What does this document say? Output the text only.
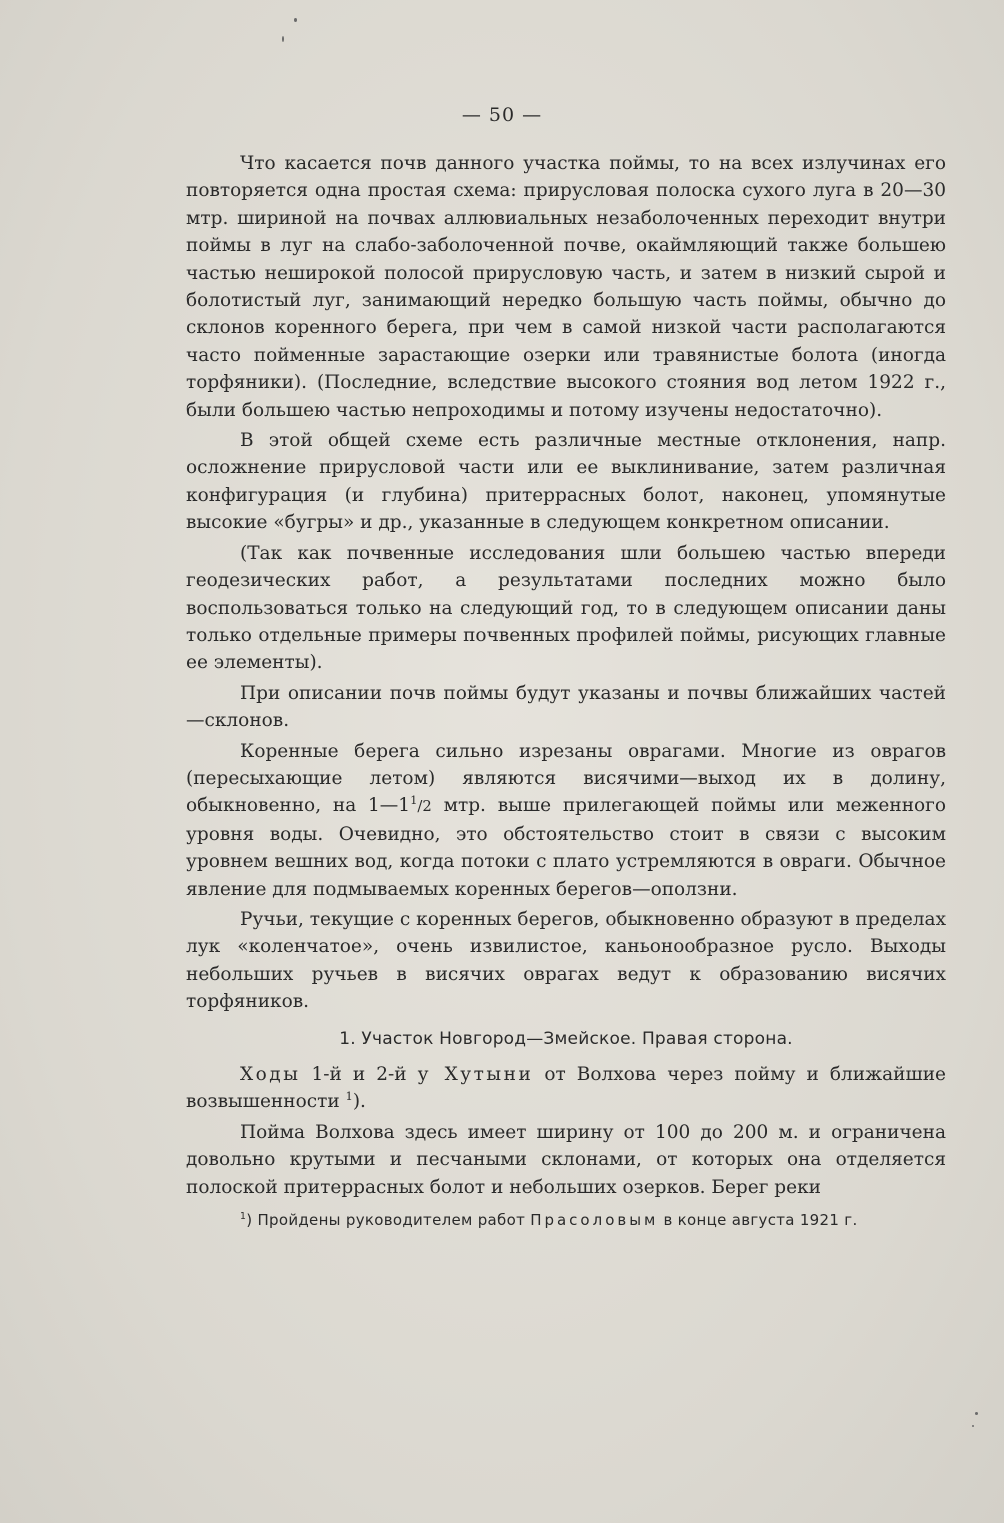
— 50 —

Что касается почв данного участка поймы, то на всех излучинах его повторяется одна простая схема: прирусловая полоска сухого луга в 20—30 мтр. шириной на почвах аллювиальных незаболоченных переходит внутри поймы в луг на слабо-заболоченной почве, окаймляющий также большею частью неширокой полосой прирусловую часть, и затем в низкий сырой и болотистый луг, занимающий нередко большую часть поймы, обычно до склонов коренного берега, при чем в самой низкой части располагаются часто пойменные зарастающие озерки или травянистые болота (иногда торфяники). (Последние, вследствие высокого стояния вод летом 1922 г., были большею частью непроходимы и потому изучены недостаточно).

В этой общей схеме есть различные местные отклонения, напр. осложнение прирусловой части или ее выклинивание, затем различная конфигурация (и глубина) притеррасных болот, наконец, упомянутые высокие «бугры» и др., указанные в следующем конкретном описании.

(Так как почвенные исследования шли большею частью впереди геодезических работ, а результатами последних можно было воспользоваться только на следующий год, то в следующем описании даны только отдельные примеры почвенных профилей поймы, рисующих главные ее элементы).

При описании почв поймы будут указаны и почвы ближайших частей—склонов.

Коренные берега сильно изрезаны оврагами. Многие из оврагов (пересыхающие летом) являются висячими—выход их в долину, обыкновенно, на $1—1^1/2$ мтр. выше прилегающей поймы или меженного уровня воды. Очевидно, это обстоятельство стоит в связи с высоким уровнем вешних вод, когда потоки с плато устремляются в овраги. Обычное явление для подмываемых коренных берегов—оползни.

Ручьи, текущие с коренных берегов, обыкновенно образуют в пределах лук «коленчатое», очень извилистое, каньонообразное русло. Выходы небольших ручьев в висячих оврагах ведут к образованию висячих торфяников.

1. Участок Новгород—Змейское. Правая сторона.

Ходы 1-й и 2-й у Хутыни от Волхова через пойму и ближайшие возвышенности $^1$).

Пойма Волхова здесь имеет ширину от 100 до 200 м. и ограничена довольно крутыми и песчаными склонами, от которых она отделяется полоской притеррасных болот и небольших озерков. Берег реки

$^1$) Пройдены руководителем работ Прасоловым в конце августа 1921 г.
